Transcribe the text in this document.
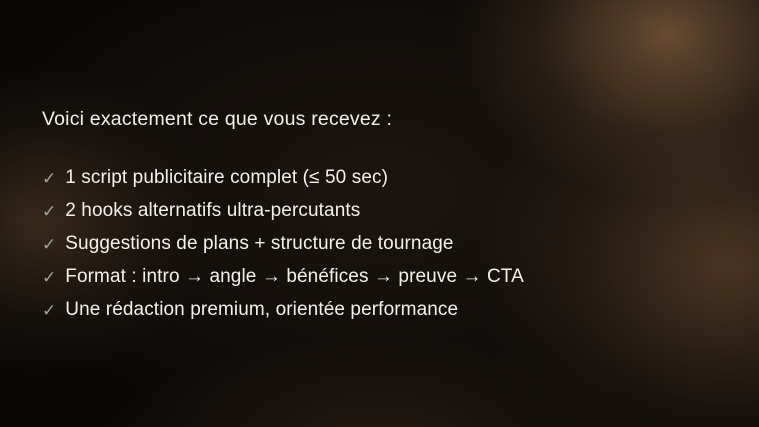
Voici exactement ce que vous recevez :

✓ 1 script publicitaire complet (≤ 50 sec)
✓ 2 hooks alternatifs ultra-percutants
✓ Suggestions de plans + structure de tournage
✓ Format : intro → angle → bénéfices → preuve → CTA
✓ Une rédaction premium, orientée performance
